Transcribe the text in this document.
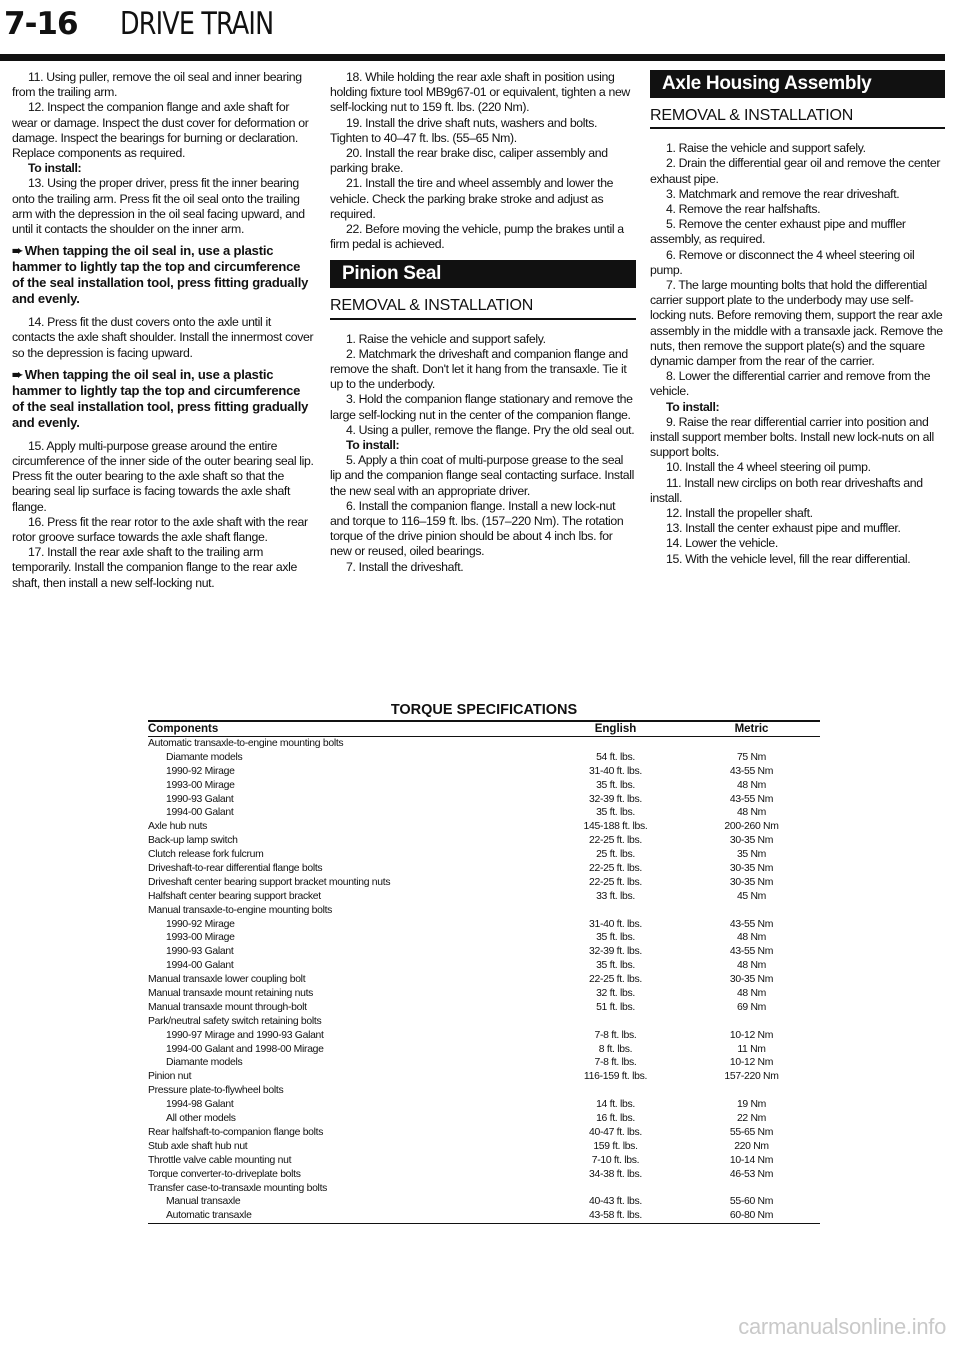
7-16 DRIVE TRAIN

11. Using puller, remove the oil seal and inner bearing from the trailing arm.

12. Inspect the companion flange and axle shaft for wear or damage. Inspect the dust cover for deformation or damage. Inspect the bearings for burning or declaration. Replace components as required.

To install:

13. Using the proper driver, press fit the inner bearing onto the trailing arm. Press fit the oil seal onto the trailing arm with the depression in the oil seal facing upward, and until it contacts the shoulder on the inner arm.

➨ When tapping the oil seal in, use a plastic hammer to lightly tap the top and circumference of the seal installation tool, press fitting gradually and evenly.

14. Press fit the dust covers onto the axle until it contacts the axle shaft shoulder. Install the innermost cover so the depression is facing upward.

➨ When tapping the oil seal in, use a plastic hammer to lightly tap the top and circumference of the seal installation tool, press fitting gradually and evenly.

15. Apply multi-purpose grease around the entire circumference of the inner side of the outer bearing seal lip. Press fit the outer bearing to the axle shaft so that the bearing seal lip surface is facing towards the axle shaft flange.

16. Press fit the rear rotor to the axle shaft with the rear rotor groove surface towards the axle shaft flange.

17. Install the rear axle shaft to the trailing arm temporarily. Install the companion flange to the rear axle shaft, then install a new self-locking nut.

18. While holding the rear axle shaft in position using holding fixture tool MB9g67-01 or equivalent, tighten a new self-locking nut to 159 ft. lbs. (220 Nm).

19. Install the drive shaft nuts, washers and bolts. Tighten to 40–47 ft. lbs. (55–65 Nm).

20. Install the rear brake disc, caliper assembly and parking brake.

21. Install the tire and wheel assembly and lower the vehicle. Check the parking brake stroke and adjust as required.

22. Before moving the vehicle, pump the brakes until a firm pedal is achieved.

Pinion Seal
REMOVAL & INSTALLATION

1. Raise the vehicle and support safely.

2. Matchmark the driveshaft and companion flange and remove the shaft. Don't let it hang from the transaxle. Tie it up to the underbody.

3. Hold the companion flange stationary and remove the large self-locking nut in the center of the companion flange.

4. Using a puller, remove the flange. Pry the old seal out.

To install:

5. Apply a thin coat of multi-purpose grease to the seal lip and the companion flange seal contacting surface. Install the new seal with an appropriate driver.

6. Install the companion flange. Install a new lock-nut and torque to 116–159 ft. lbs. (157–220 Nm). The rotation torque of the drive pinion should be about 4 inch lbs. for new or reused, oiled bearings.

7. Install the driveshaft.

Axle Housing Assembly
REMOVAL & INSTALLATION

1. Raise the vehicle and support safely.

2. Drain the differential gear oil and remove the center exhaust pipe.

3. Matchmark and remove the rear driveshaft.

4. Remove the rear halfshafts.

5. Remove the center exhaust pipe and muffler assembly, as required.

6. Remove or disconnect the 4 wheel steering oil pump.

7. The large mounting bolts that hold the differential carrier support plate to the underbody may use self-locking nuts. Before removing them, support the rear axle assembly in the middle with a transaxle jack. Remove the nuts, then remove the support plate(s) and the square dynamic damper from the rear of the carrier.

8. Lower the differential carrier and remove from the vehicle.

To install:

9. Raise the rear differential carrier into position and install support member bolts. Install new lock-nuts on all support bolts.

10. Install the 4 wheel steering oil pump.

11. Install new circlips on both rear driveshafts and install.

12. Install the propeller shaft.

13. Install the center exhaust pipe and muffler.

14. Lower the vehicle.

15. With the vehicle level, fill the rear differential.

TORQUE SPECIFICATIONS
Components	English	Metric
Automatic transaxle-to-engine mounting bolts
Diamante models	54 ft. lbs.	75 Nm
1990-92 Mirage	31-40 ft. lbs.	43-55 Nm
1993-00 Mirage	35 ft. lbs.	48 Nm
1990-93 Galant	32-39 ft. lbs.	43-55 Nm
1994-00 Galant	35 ft. lbs.	48 Nm
Axle hub nuts	145-188 ft. lbs.	200-260 Nm
Back-up lamp switch	22-25 ft. lbs.	30-35 Nm
Clutch release fork fulcrum	25 ft. lbs.	35 Nm
Driveshaft-to-rear differential flange bolts	22-25 ft. lbs.	30-35 Nm
Driveshaft center bearing support bracket mounting nuts	22-25 ft. lbs.	30-35 Nm
Halfshaft center bearing support bracket	33 ft. lbs.	45 Nm
Manual transaxle-to-engine mounting bolts
1990-92 Mirage	31-40 ft. lbs.	43-55 Nm
1993-00 Mirage	35 ft. lbs.	48 Nm
1990-93 Galant	32-39 ft. lbs.	43-55 Nm
1994-00 Galant	35 ft. lbs.	48 Nm
Manual transaxle lower coupling bolt	22-25 ft. lbs.	30-35 Nm
Manual transaxle mount retaining nuts	32 ft. lbs.	48 Nm
Manual transaxle mount through-bolt	51 ft. lbs.	69 Nm
Park/neutral safety switch retaining bolts
1990-97 Mirage and 1990-93 Galant	7-8 ft. lbs.	10-12 Nm
1994-00 Galant and 1998-00 Mirage	8 ft. lbs.	11 Nm
Diamante models	7-8 ft. lbs.	10-12 Nm
Pinion nut	116-159 ft. lbs.	157-220 Nm
Pressure plate-to-flywheel bolts
1994-98 Galant	14 ft. lbs.	19 Nm
All other models	16 ft. lbs.	22 Nm
Rear halfshaft-to-companion flange bolts	40-47 ft. lbs.	55-65 Nm
Stub axle shaft hub nut	159 ft. lbs.	220 Nm
Throttle valve cable mounting nut	7-10 ft. lbs.	10-14 Nm
Torque converter-to-driveplate bolts	34-38 ft. lbs.	46-53 Nm
Transfer case-to-transaxle mounting bolts
Manual transaxle	40-43 ft. lbs.	55-60 Nm
Automatic transaxle	43-58 ft. lbs.	60-80 Nm
carmanualsonline.info
